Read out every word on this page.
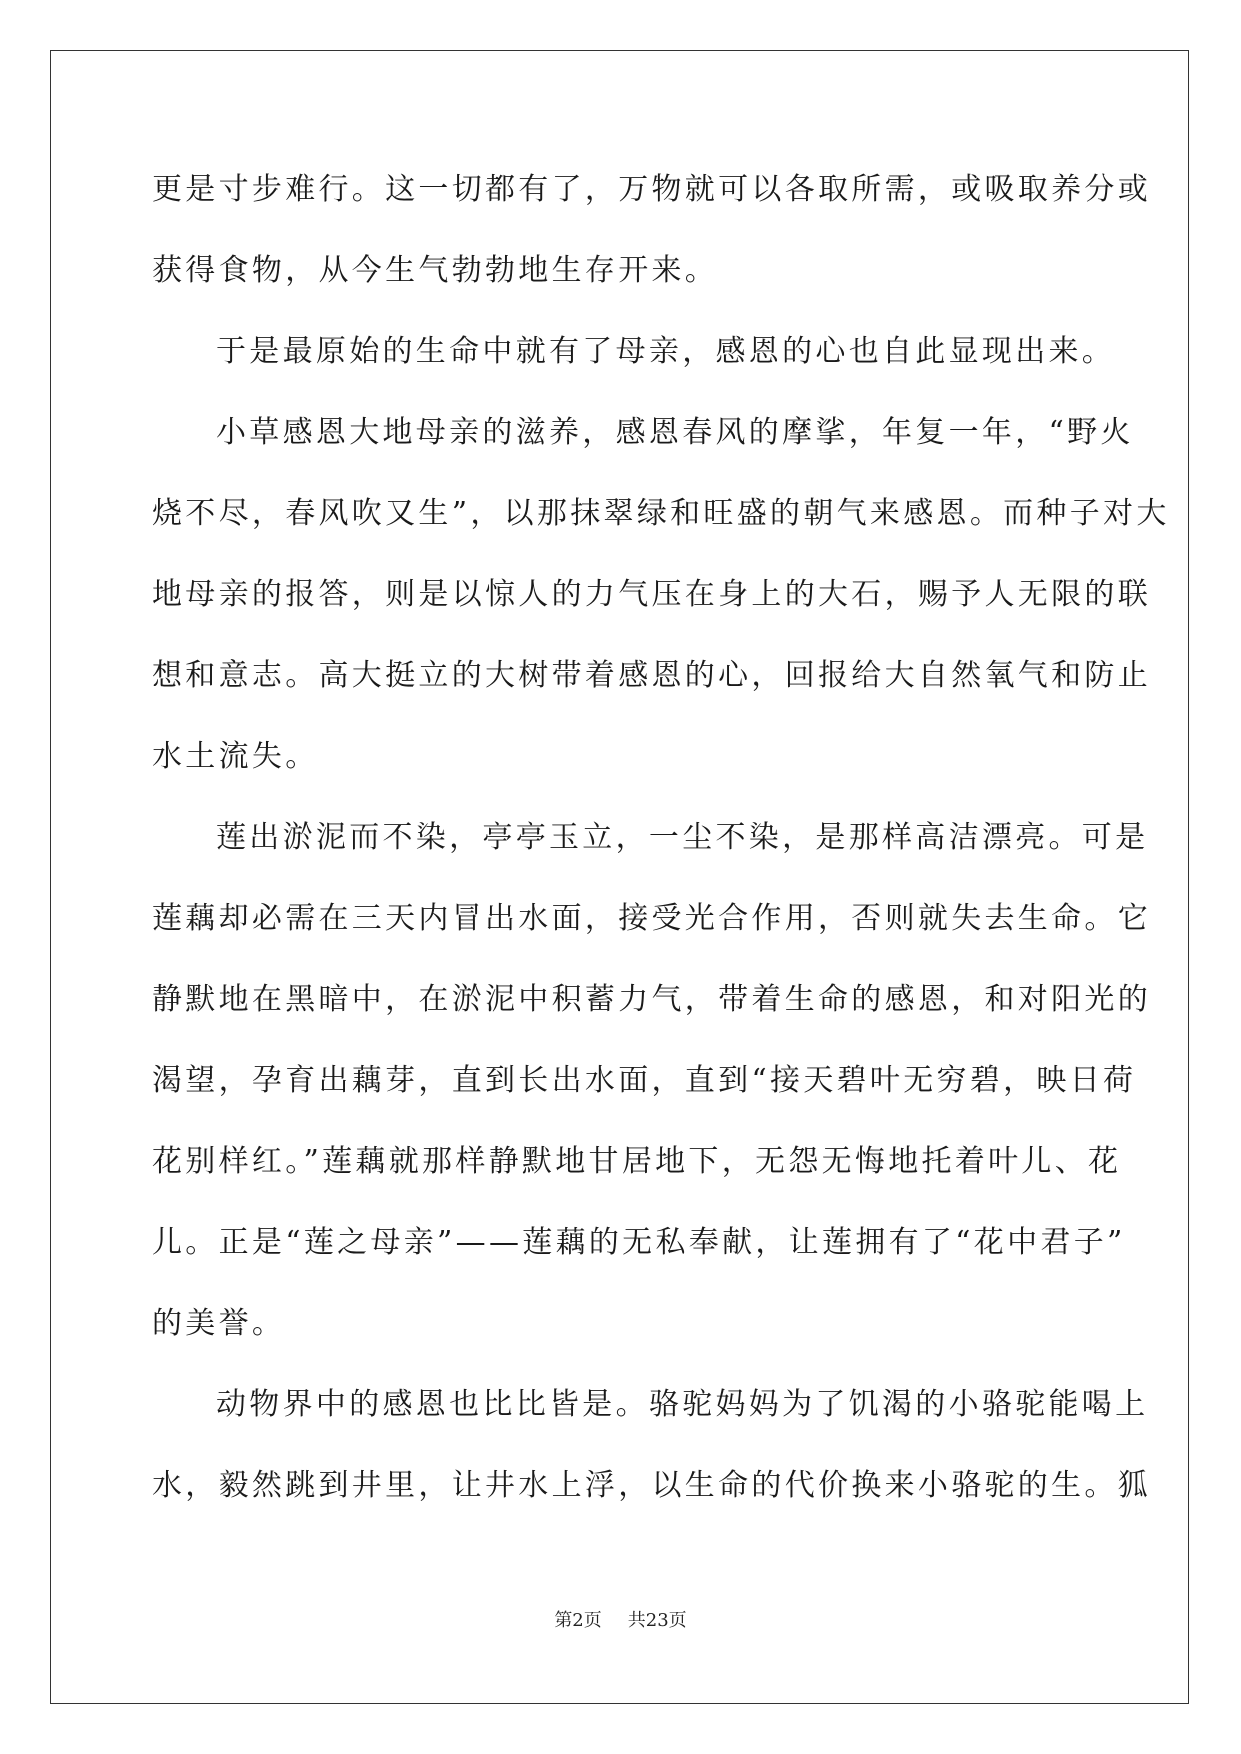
更是寸步难行。这一切都有了，万物就可以各取所需，或吸取养分或
获得食物，从今生气勃勃地生存开来。
于是最原始的生命中就有了母亲，感恩的心也自此显现出来。
小草感恩大地母亲的滋养，感恩春风的摩挲，年复一年，“野火
烧不尽，春风吹又生”，以那抹翠绿和旺盛的朝气来感恩。而种子对大
地母亲的报答，则是以惊人的力气压在身上的大石，赐予人无限的联
想和意志。高大挺立的大树带着感恩的心，回报给大自然氧气和防止
水土流失。
莲出淤泥而不染，亭亭玉立，一尘不染，是那样高洁漂亮。可是
莲藕却必需在三天内冒出水面，接受光合作用，否则就失去生命。它
静默地在黑暗中，在淤泥中积蓄力气，带着生命的感恩，和对阳光的
渴望，孕育出藕芽，直到长出水面，直到“接天碧叶无穷碧，映日荷
花别样红。”莲藕就那样静默地甘居地下，无怨无悔地托着叶儿、花
儿。正是“莲之母亲”——莲藕的无私奉献，让莲拥有了“花中君子”
的美誉。
动物界中的感恩也比比皆是。骆驼妈妈为了饥渴的小骆驼能喝上
水，毅然跳到井里，让井水上浮，以生命的代价换来小骆驼的生。狐
第2页 共23页
